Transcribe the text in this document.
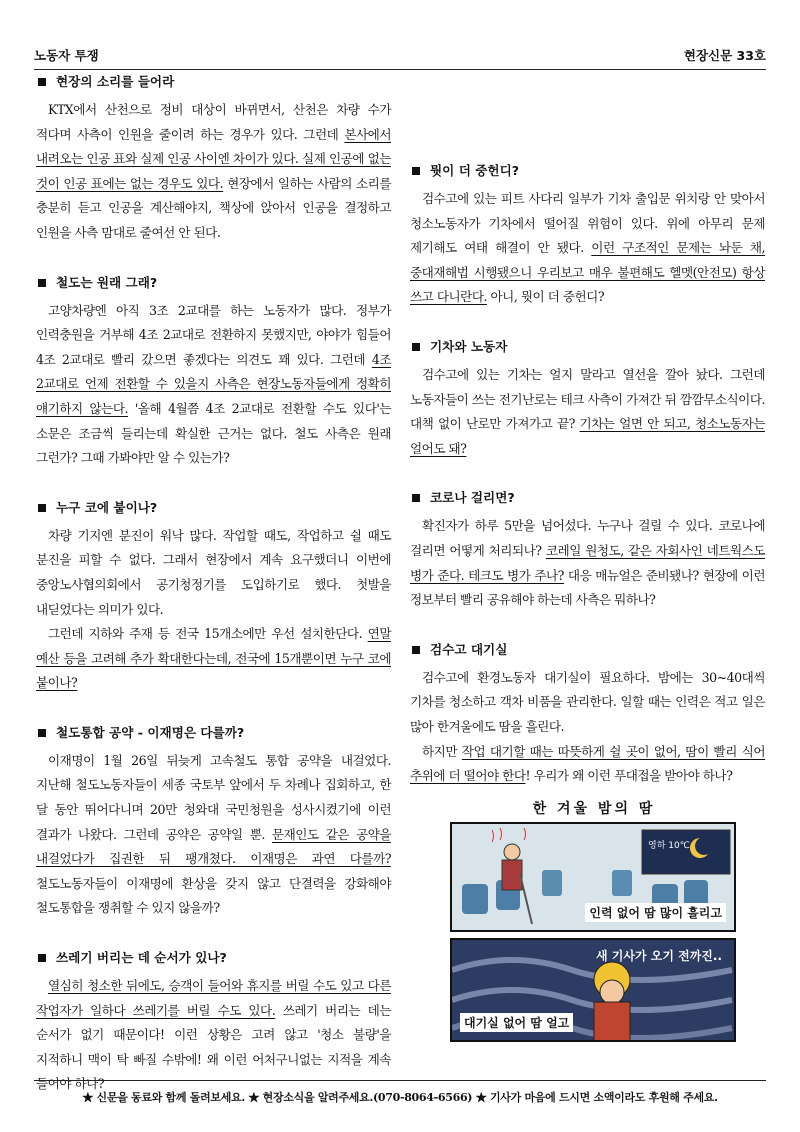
노동자 투쟁	현장신문 33호
현장의 소리를 들어라

KTX에서 산천으로 정비 대상이 바뀌면서, 산천은 차량 수가 적다며 사측이 인원을 줄이려 하는 경우가 있다. 그런데 본사에서 내려오는 인공 표와 실제 인공 사이엔 차이가 있다. 실제 인공에 없는 것이 인공 표에는 없는 경우도 있다. 현장에서 일하는 사람의 소리를 충분히 듣고 인공을 계산해야지, 책상에 앉아서 인공을 결정하고 인원을 사측 맘대로 줄여선 안 된다.

철도는 원래 그래?

고양차량엔 아직 3조 2교대를 하는 노동자가 많다. 정부가 인력충원을 거부해 4조 2교대로 전환하지 못했지만, 야야가 힘들어 4조 2교대로 빨리 갔으면 좋겠다는 의견도 꽤 있다. 그런데 4조 2교대로 언제 전환할 수 있을지 사측은 현장노동자들에게 정확히 얘기하지 않는다. '올해 4월쯤 4조 2교대로 전환할 수도 있다'는 소문은 조금씩 들리는데 확실한 근거는 없다. 철도 사측은 원래 그런가? 그때 가봐야만 알 수 있는가?

누구 코에 붙이나?

차량 기지엔 분진이 워낙 많다. 작업할 때도, 작업하고 쉴 때도 분진을 피할 수 없다. 그래서 현장에서 계속 요구했더니 이번에 중앙노사협의회에서 공기청정기를 도입하기로 했다. 첫발을 내딛었다는 의미가 있다.

그런데 지하와 주재 등 전국 15개소에만 우선 설치한단다. 연말 예산 등을 고려해 추가 확대한다는데, 전국에 15개뿐이면 누구 코에 붙이나?

철도통합 공약 - 이재명은 다를까?

이재명이 1월 26일 뒤늦게 고속철도 통합 공약을 내걸었다. 지난해 철도노동자들이 세종 국토부 앞에서 두 차례나 집회하고, 한 달 동안 뛰어다니며 20만 청와대 국민청원을 성사시켰기에 이런 결과가 나왔다. 그런데 공약은 공약일 뿐. 문재인도 같은 공약을 내걸었다가 집권한 뒤 팽개쳤다. 이재명은 과연 다를까? 철도노동자들이 이재명에 환상을 갖지 않고 단결력을 강화해야 철도통합을 쟁취할 수 있지 않을까?

쓰레기 버리는 데 순서가 있나?

열심히 청소한 뒤에도, 승객이 들어와 휴지를 버릴 수도 있고 다른 작업자가 일하다 쓰레기를 버릴 수도 있다. 쓰레기 버리는 데는 순서가 없기 때문이다! 이런 상황은 고려 않고 '청소 불량'을 지적하니 맥이 탁 빠질 수밖에! 왜 이런 어처구니없는 지적을 계속 들어야 하나?

뭣이 더 중헌디?

검수고에 있는 피트 사다리 일부가 기차 출입문 위치랑 안 맞아서 청소노동자가 기차에서 떨어질 위험이 있다. 위에 아무리 문제 제기해도 여태 해결이 안 됐다. 이런 구조적인 문제는 놔둔 채, 중대재해법 시행됐으니 우리보고 매우 불편해도 헬멧(안전모) 항상 쓰고 다니란다. 아니, 뭣이 더 중헌디?

기차와 노동자

검수고에 있는 기차는 얼지 말라고 열선을 깔아 놨다. 그런데 노동자들이 쓰는 전기난로는 테크 사측이 가져간 뒤 깜깜무소식이다. 대책 없이 난로만 가져가고 끝? 기차는 얼면 안 되고, 청소노동자는 얼어도 돼?

코로나 걸리면?

확진자가 하루 5만을 넘어섰다. 누구나 걸릴 수 있다. 코로나에 걸리면 어떻게 처리되나? 코레일 원청도, 같은 자회사인 네트웍스도 병가 준다. 테크도 병가 주나? 대응 매뉴얼은 준비됐나? 현장에 이런 정보부터 빨리 공유해야 하는데 사측은 뭐하나?

검수고 대기실

검수고에 환경노동자 대기실이 필요하다. 밤에는 30~40대씩 기차를 청소하고 객차 비품을 관리한다. 일할 때는 인력은 적고 일은 많아 한겨울에도 땀을 흘린다.

하지만 작업 대기할 때는 따뜻하게 쉴 곳이 없어, 땀이 빨리 식어 추위에 더 떨어야 한다! 우리가 왜 이런 푸대접을 받아야 하나?

한 겨울 밤의 땀
영하 10℃
인력 없어 땀 많이 흘리고
새 기사가 오기 전까진..
대기실 없어 땀 얼고
★ 신문을 동료와 함께 돌려보세요. ★ 현장소식을 알려주세요.(070-8064-6566) ★ 기사가 마음에 드시면 소액이라도 후원해 주세요.
